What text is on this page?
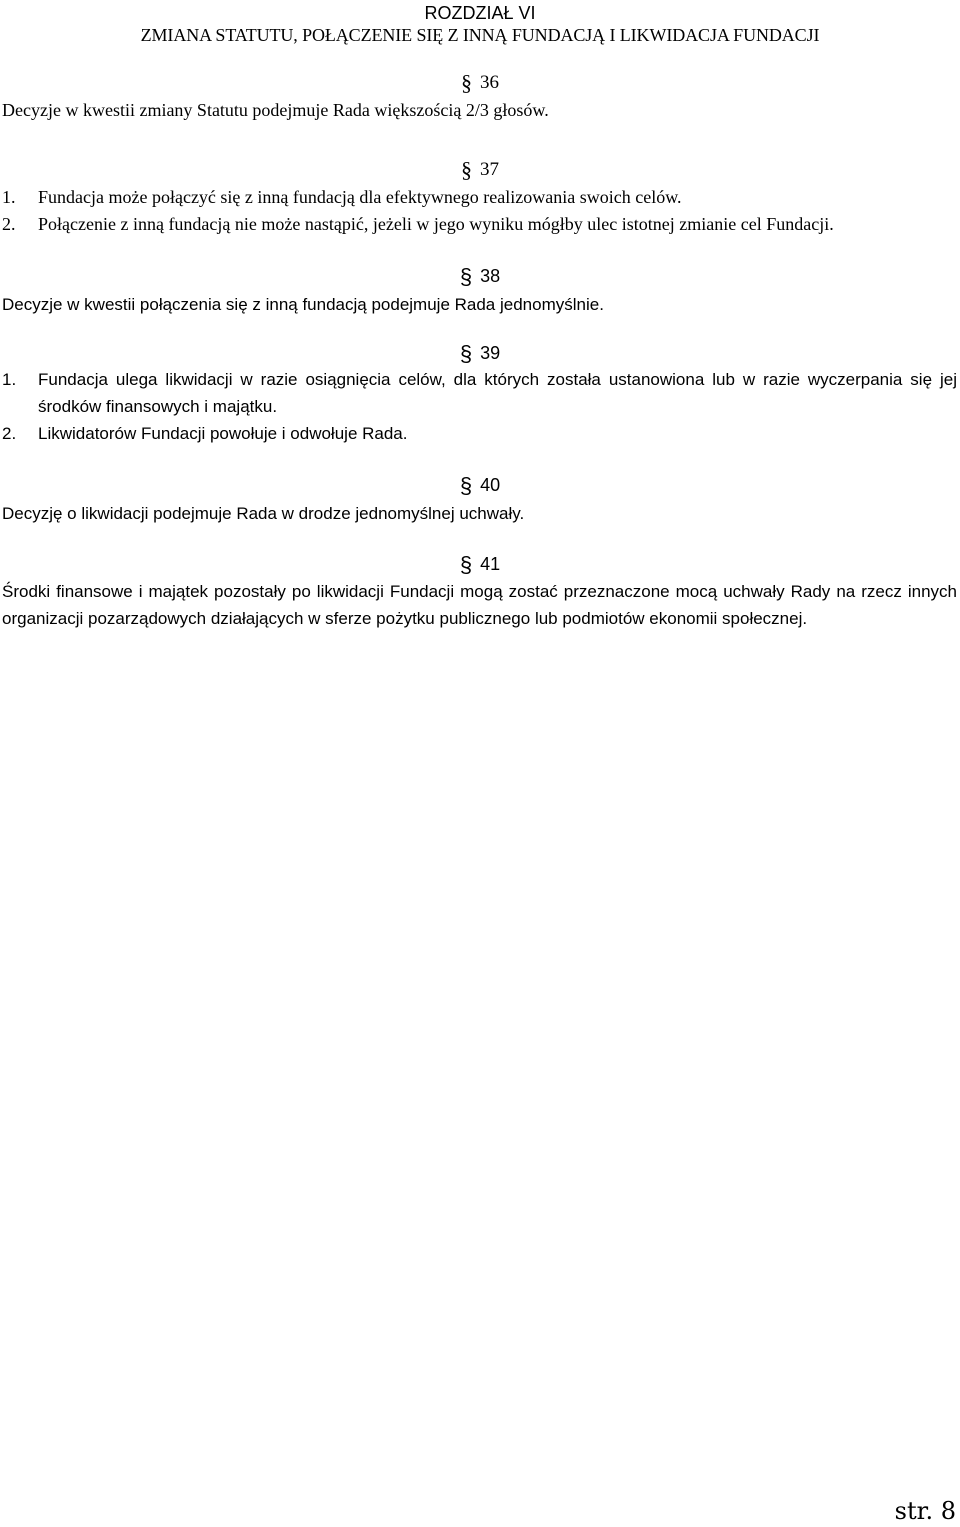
ROZDZIAŁ VI
ZMIANA STATUTU, POŁĄCZENIE SIĘ Z INNĄ FUNDACJĄ I LIKWIDACJA FUNDACJI
§ 36
Decyzje w kwestii zmiany Statutu podejmuje Rada większością 2/3 głosów.
§ 37
1. Fundacja może połączyć się z inną fundacją dla efektywnego realizowania swoich celów.
2. Połączenie z inną fundacją nie może nastąpić, jeżeli w jego wyniku mógłby ulec istotnej zmianie cel Fundacji.
§ 38
Decyzje w kwestii połączenia się z inną fundacją podejmuje Rada jednomyślnie.
§ 39
1. Fundacja ulega likwidacji w razie osiągnięcia celów, dla których została ustanowiona lub w razie wyczerpania się jej środków finansowych i majątku.
2. Likwidatorów Fundacji powołuje i odwołuje Rada.
§ 40
Decyzję o likwidacji podejmuje Rada w drodze jednomyślnej uchwały.
§ 41
Środki finansowe i majątek pozostały po likwidacji Fundacji mogą zostać przeznaczone mocą uchwały Rady na rzecz innych organizacji pozarządowych działających w sferze pożytku publicznego lub podmiotów ekonomii społecznej.
str. 8
